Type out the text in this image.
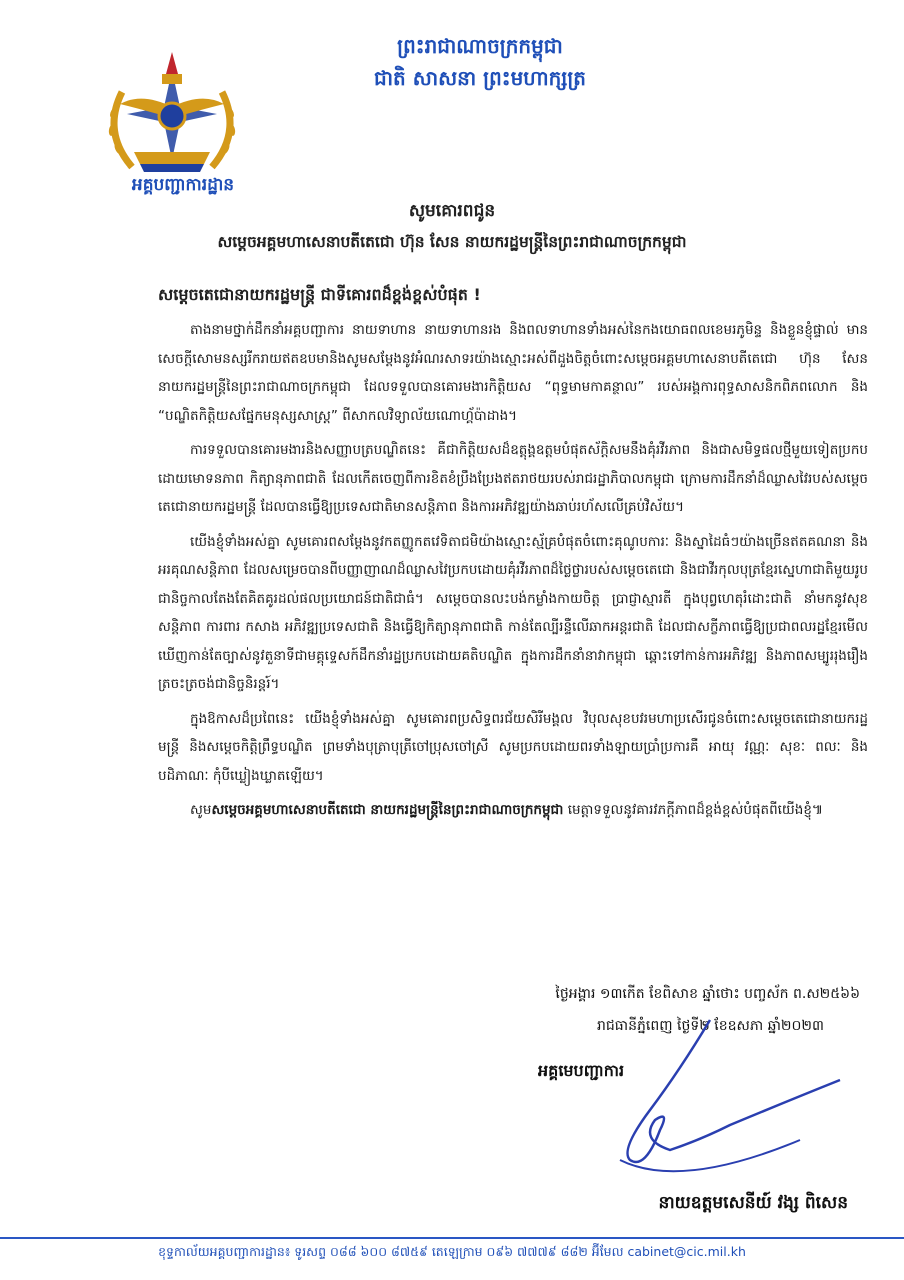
ព្រះរាជាណាចក្រកម្ពុជា
ជាតិ សាសនា ព្រះមហាក្សត្រ
អគ្គបញ្ជាការដ្ឋាន
សូមគោរពជូន
សម្តេចអគ្គមហាសេនាបតីតេជោ ហ៊ុន សែន នាយករដ្ឋមន្ត្រីនៃព្រះរាជាណាចក្រកម្ពុជា
សម្តេចតេជោនាយករដ្ឋមន្ត្រី ជាទីគោរពដ៏ខ្ពង់ខ្ពស់បំផុត !

តាងនាមថ្នាក់ដឹកនាំអគ្គបញ្ជាការ នាយទាហាន នាយទាហានរង និងពលទាហានទាំងអស់នៃកងយោធពលខេមរភូមិន្ទ និងខ្លួនខ្ញុំផ្ទាល់ មានសេចក្តីសោមនស្សរីករាយឥតឧបមានិងសូមសម្តែងនូវអំណរសាទរយ៉ាងស្មោះអស់ពីដួងចិត្តចំពោះសម្តេចអគ្គមហាសេនាបតីតេជោ ហ៊ុន សែន នាយករដ្ឋមន្ត្រីនៃព្រះរាជាណាចក្រកម្ពុជា ដែលទទួលបានគោរមងារកិត្តិយស “ពុទ្ធមាមកាគន្ថាល” របស់អង្គការពុទ្ធសាសនិកពិភពលោក និង “បណ្ឌិតកិត្តិយសផ្នែកមនុស្សសាស្ត្រ” ពីសាកលវិទ្យាល័យណោហ្គ័ប៉ាដាង។

ការទទួលបានគោរមងារនិងសញ្ញាបត្របណ្ឌិតនេះ គឺជាកិត្តិយសដ៏ឧត្តុង្គឧត្តមបំផុតស័ក្តិសមនឹងគុំរវីរភាព និងជាសមិទ្ធផលថ្មីមួយទៀតប្រកបដោយមោទនភាព កិត្យានុភាពជាតិ ដែលកើតចេញពីការខិតខំប្រឹងប្រែងឥតរាថយរបស់រាជរដ្ឋាភិបាលកម្ពុជា ក្រោមការដឹកនាំដ៏ឈ្លាសវៃរបស់សម្តេចតេជោនាយករដ្ឋមន្ត្រី ដែលបានធ្វើឱ្យប្រទេសជាតិមានសន្តិភាព និងការអភិវឌ្ឍយ៉ាងឆាប់រហ័សលើគ្រប់វិស័យ។

យើងខ្ញុំទាំងអស់គ្នា សូមគោរពសម្តែងនូវកតញ្ញូកតវេទិតាជមិយ៉ាងស្មោះស្ម័គ្របំផុតចំពោះគុណូបការៈ និងស្នាដៃធំៗយ៉ាងច្រើនឥតគណនា និងអរគុណសន្តិភាព ដែលសម្រេចបានពីបញ្ញាញាណដ៏ឈ្លាសវៃប្រកបដោយគុំរវីរភាពដ៏ថ្លៃថ្លារបស់សម្តេចតេជោ និងជាវីរកុលបុត្រខ្មែរស្នេហាជាតិមួយរូប ជានិច្ចកាលតែងតែគិតគូរដល់ផលប្រយោជន៍ជាតិជាធំ។ សម្តេចបានលះបង់កម្លាំងកាយចិត្ត ប្រាជ្ញាស្មារតី ក្នុងបុព្វហេតុរំដោះជាតិ នាំមកនូវសុខសន្តិភាព ការពារ កសាង អភិវឌ្ឍប្រទេសជាតិ និងធ្វើឱ្យកិត្យានុភាពជាតិ កាន់តែល្បីរន្ទឺលើឆាកអន្តរជាតិ ដែលជាសក្ខីភាពធ្វើឱ្យប្រជាពលរដ្ឋខ្មែរមើលឃើញកាន់តែច្បាស់នូវតួនាទីជាមគ្គុទ្ទេសក៍ដឹកនាំរដ្ឋប្រកបដោយគតិបណ្ឌិត ក្នុងការដឹកនាំនាវាកម្ពុជា ឆ្ពោះទៅកាន់ការអភិវឌ្ឍ និងភាពសម្បូររុងរឿងត្រចះត្រចង់ជានិច្ចនិរន្តរ៍។

ក្នុងឱកាសដ៏ប្រពៃនេះ យើងខ្ញុំទាំងអស់គ្នា សូមគោរពប្រសិទ្ធពរជ័យសិរីមង្គល វិបុលសុខបវរមហាប្រសើរជូនចំពោះសម្តេចតេជោនាយករដ្ឋមន្ត្រី និងសម្តេចកិត្តិព្រឹទ្ធបណ្ឌិត ព្រមទាំងបុត្រាបុត្រីចៅប្រុសចៅស្រី សូមប្រកបដោយពរទាំងឡាយប្រាំប្រការគឺ អាយុ វណ្ណៈ សុខៈ ពលៈ និងបដិភាណៈ កុំបីឃ្លៀងឃ្លាតឡើយ។

សូមសម្តេចអគ្គមហាសេនាបតីតេជោ នាយករដ្ឋមន្ត្រីនៃព្រះរាជាណាចក្រកម្ពុជា មេត្តាទទួលនូវគារវភក្តីភាពដ៏ខ្ពង់ខ្ពស់បំផុតពីយើងខ្ញុំ៕

ថ្ងៃអង្គារ ១៣កើត ខែពិសាខ ឆ្នាំថោះ បញ្ចស័ក ព.ស២៥៦៦
រាជធានីភ្នំពេញ ថ្ងៃទី២ ខែឧសភា ឆ្នាំ២០២៣
អគ្គមេបញ្ជាការ
នាយឧត្តមសេនីយ៍ វង្ស ពិសេន
ខុទ្ទកាល័យអគ្គបញ្ជាការដ្ឋាន៖ ទូរសព្ទ ០៨៨ ៦០០ ៨៧៥៩ តេឡេក្រាម ០៩៦ ៧៧៧៩ ៨៨២ អ៊ីមែល cabinet@cic.mil.kh
